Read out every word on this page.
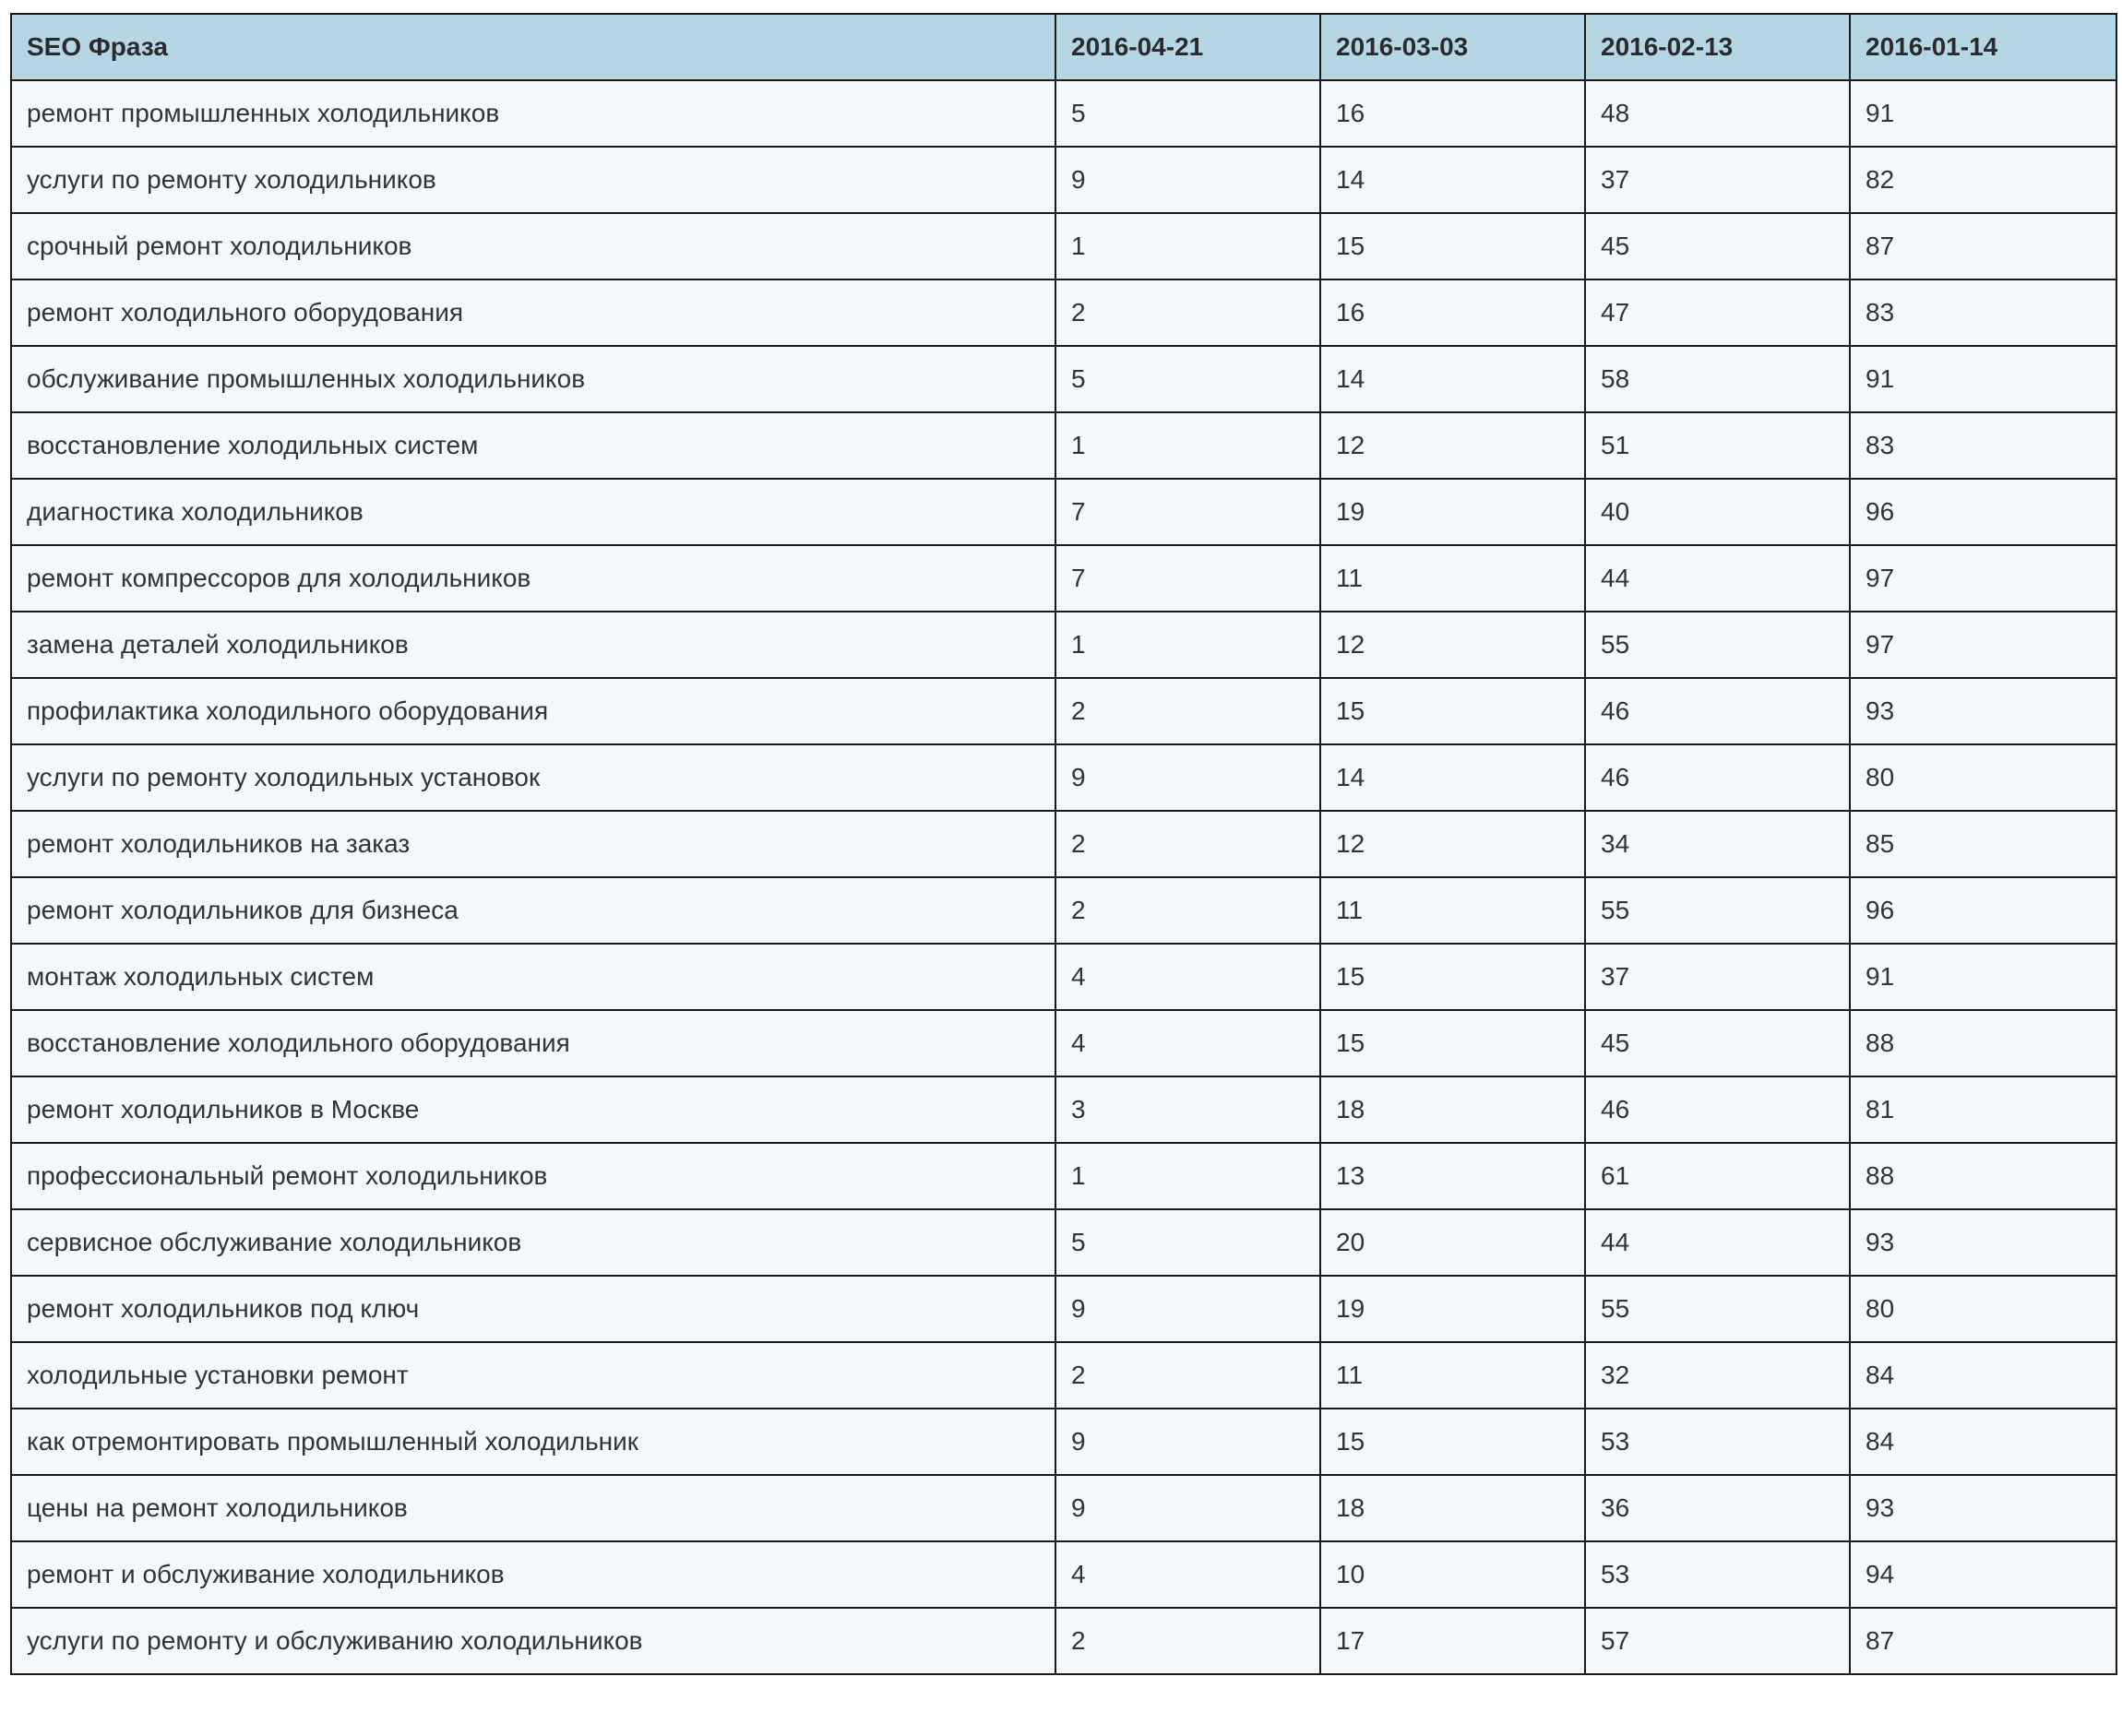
SEO Фраза	2016-04-21	2016-03-03	2016-02-13	2016-01-14
ремонт промышленных холодильников	5	16	48	91
услуги по ремонту холодильников	9	14	37	82
срочный ремонт холодильников	1	15	45	87
ремонт холодильного оборудования	2	16	47	83
обслуживание промышленных холодильников	5	14	58	91
восстановление холодильных систем	1	12	51	83
диагностика холодильников	7	19	40	96
ремонт компрессоров для холодильников	7	11	44	97
замена деталей холодильников	1	12	55	97
профилактика холодильного оборудования	2	15	46	93
услуги по ремонту холодильных установок	9	14	46	80
ремонт холодильников на заказ	2	12	34	85
ремонт холодильников для бизнеса	2	11	55	96
монтаж холодильных систем	4	15	37	91
восстановление холодильного оборудования	4	15	45	88
ремонт холодильников в Москве	3	18	46	81
профессиональный ремонт холодильников	1	13	61	88
сервисное обслуживание холодильников	5	20	44	93
ремонт холодильников под ключ	9	19	55	80
холодильные установки ремонт	2	11	32	84
как отремонтировать промышленный холодильник	9	15	53	84
цены на ремонт холодильников	9	18	36	93
ремонт и обслуживание холодильников	4	10	53	94
услуги по ремонту и обслуживанию холодильников	2	17	57	87
